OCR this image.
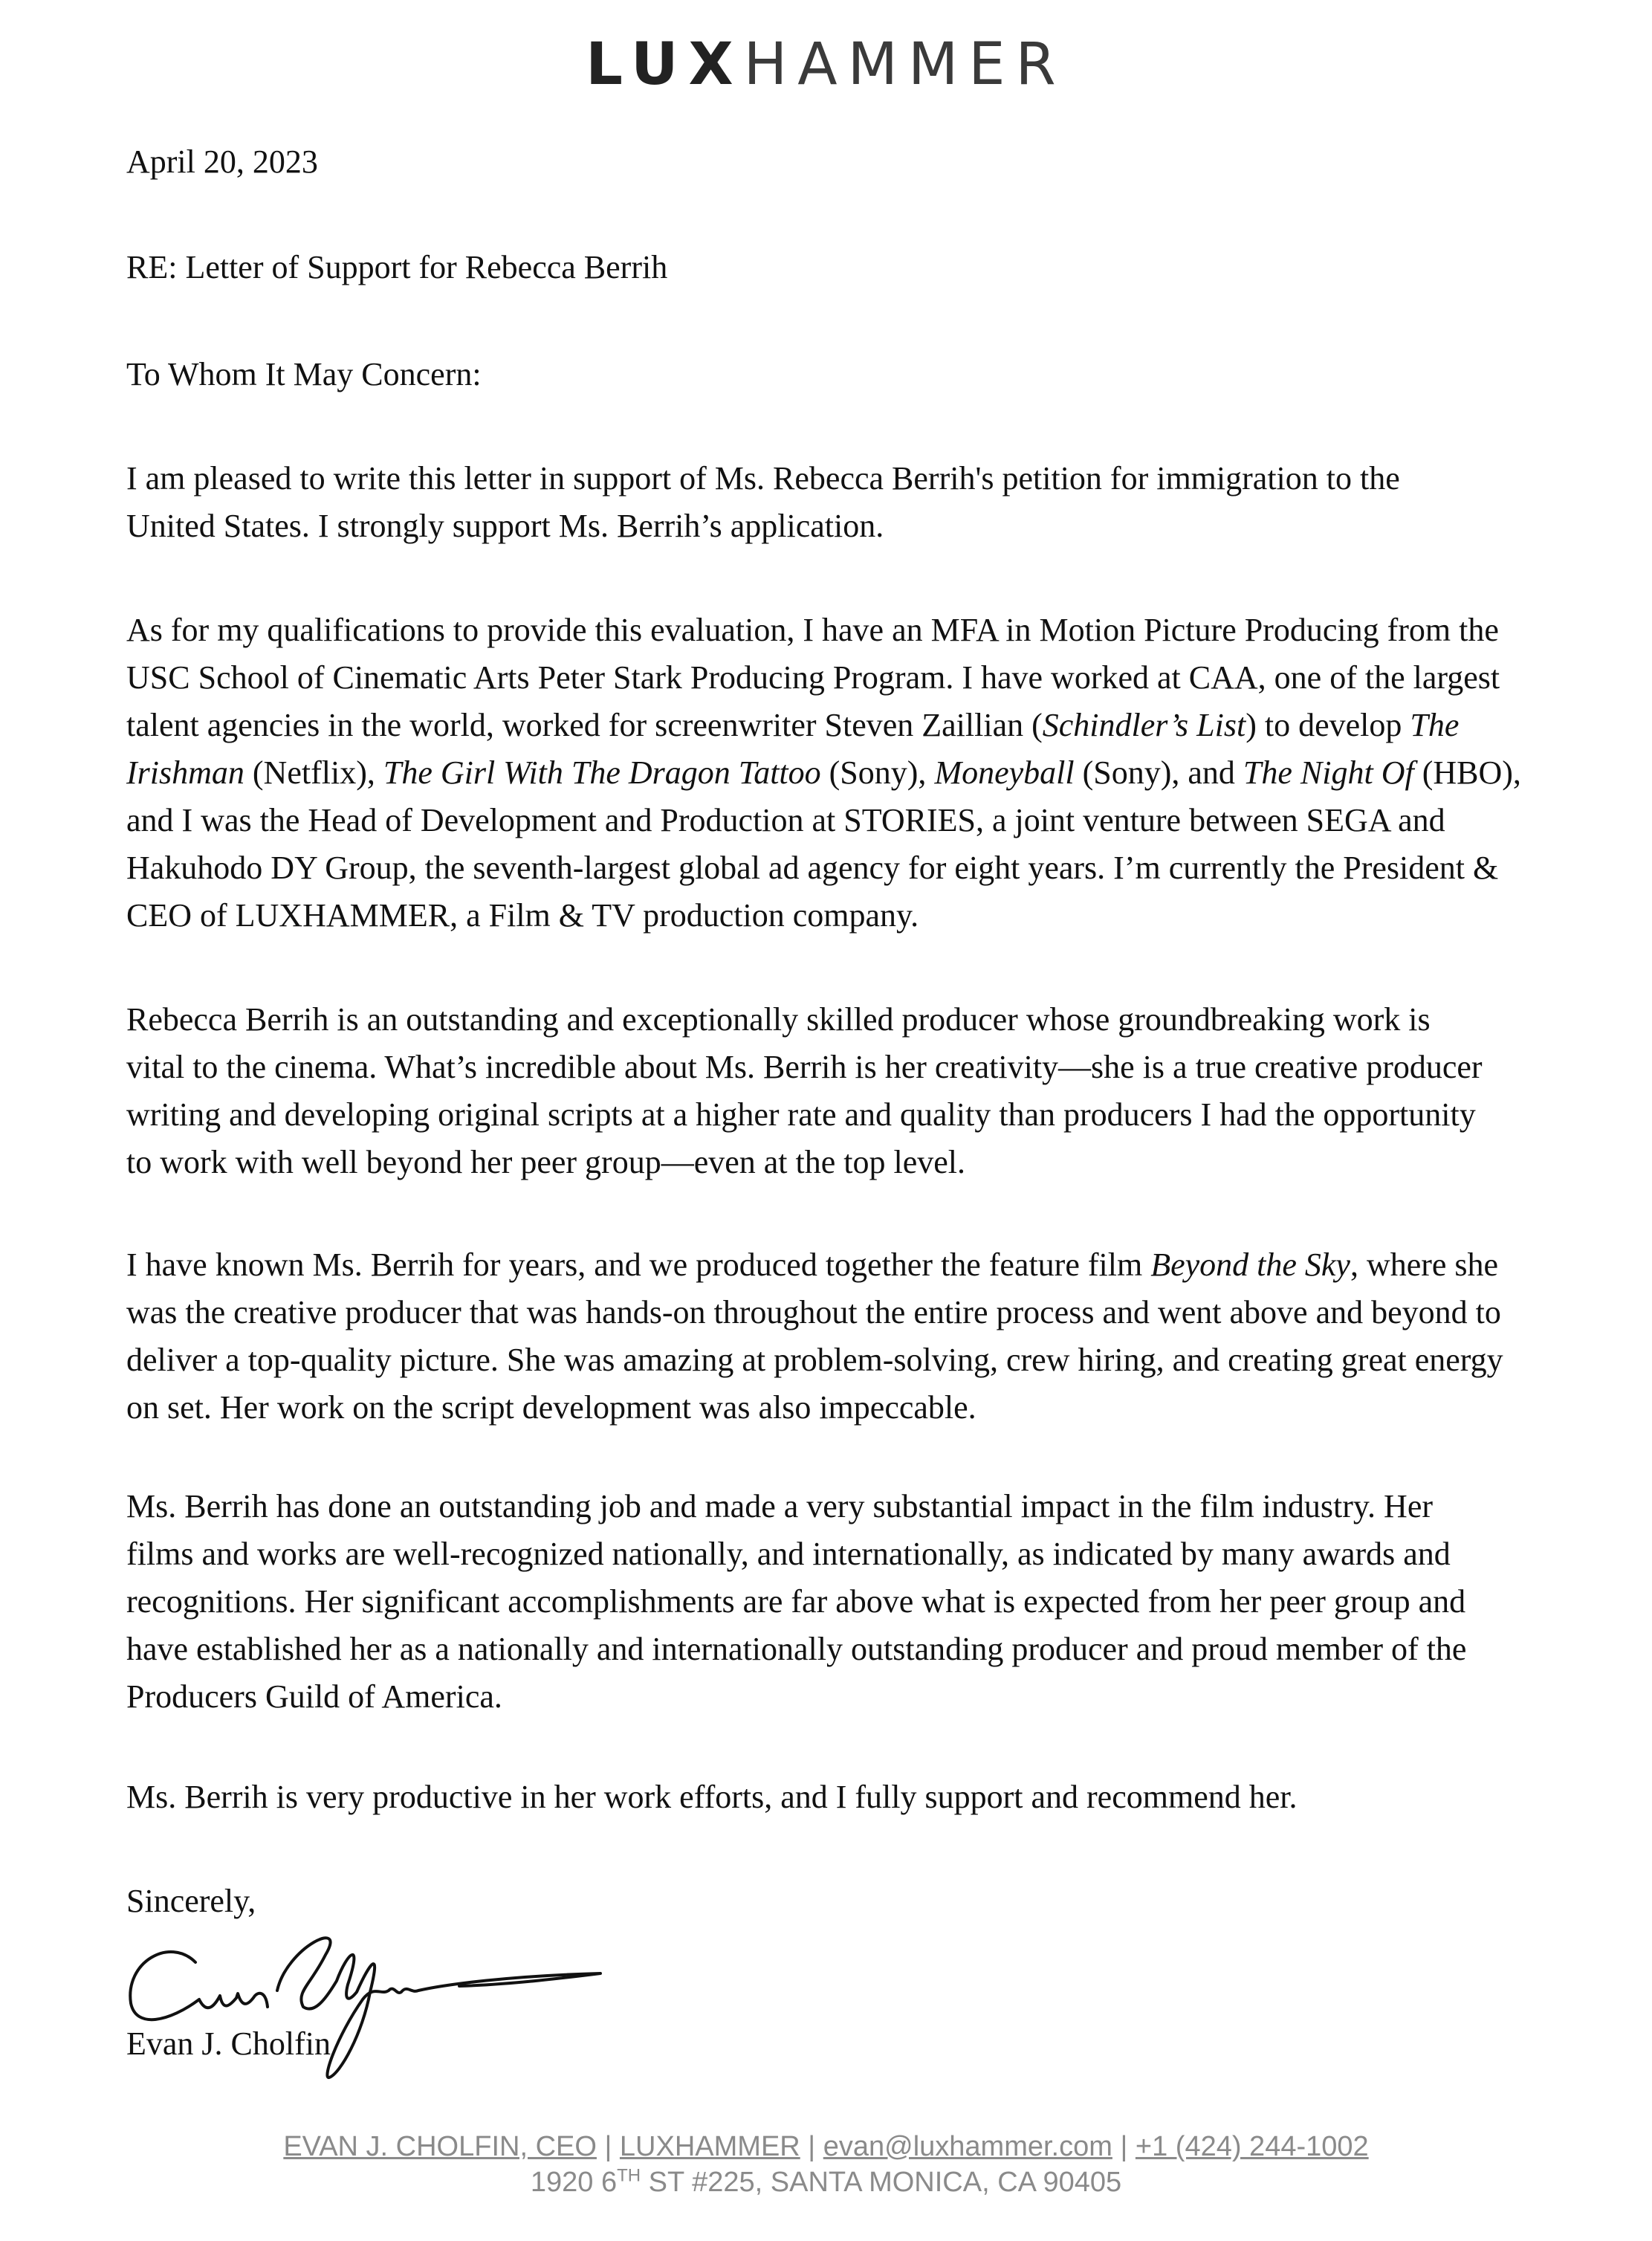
LUXHAMMER
April 20, 2023
RE: Letter of Support for Rebecca Berrih
To Whom It May Concern:

I am pleased to write this letter in support of Ms. Rebecca Berrih's petition for immigration to the United States. I strongly support Ms. Berrih’s application.

As for my qualifications to provide this evaluation, I have an MFA in Motion Picture Producing from the USC School of Cinematic Arts Peter Stark Producing Program. I have worked at CAA, one of the largest talent agencies in the world, worked for screenwriter Steven Zaillian (Schindler’s List) to develop The Irishman (Netflix), The Girl With The Dragon Tattoo (Sony), Moneyball (Sony), and The Night Of (HBO), and I was the Head of Development and Production at STORIES, a joint venture between SEGA and Hakuhodo DY Group, the seventh-largest global ad agency for eight years. I’m currently the President & CEO of LUXHAMMER, a Film & TV production company.

Rebecca Berrih is an outstanding and exceptionally skilled producer whose groundbreaking work is vital to the cinema. What’s incredible about Ms. Berrih is her creativity—she is a true creative producer writing and developing original scripts at a higher rate and quality than producers I had the opportunity to work with well beyond her peer group—even at the top level.

I have known Ms. Berrih for years, and we produced together the feature film Beyond the Sky, where she was the creative producer that was hands-on throughout the entire process and went above and beyond to deliver a top-quality picture. She was amazing at problem-solving, crew hiring, and creating great energy on set. Her work on the script development was also impeccable.

Ms. Berrih has done an outstanding job and made a very substantial impact in the film industry. Her films and works are well-recognized nationally, and internationally, as indicated by many awards and recognitions. Her significant accomplishments are far above what is expected from her peer group and have established her as a nationally and internationally outstanding producer and proud member of the Producers Guild of America.

Ms. Berrih is very productive in her work efforts, and I fully support and recommend her.

Sincerely,
Evan J. Cholfin
EVAN J. CHOLFIN, CEO | LUXHAMMER | evan@luxhammer.com | +1 (424) 244-1002
1920 6TH ST #225, SANTA MONICA, CA 90405
